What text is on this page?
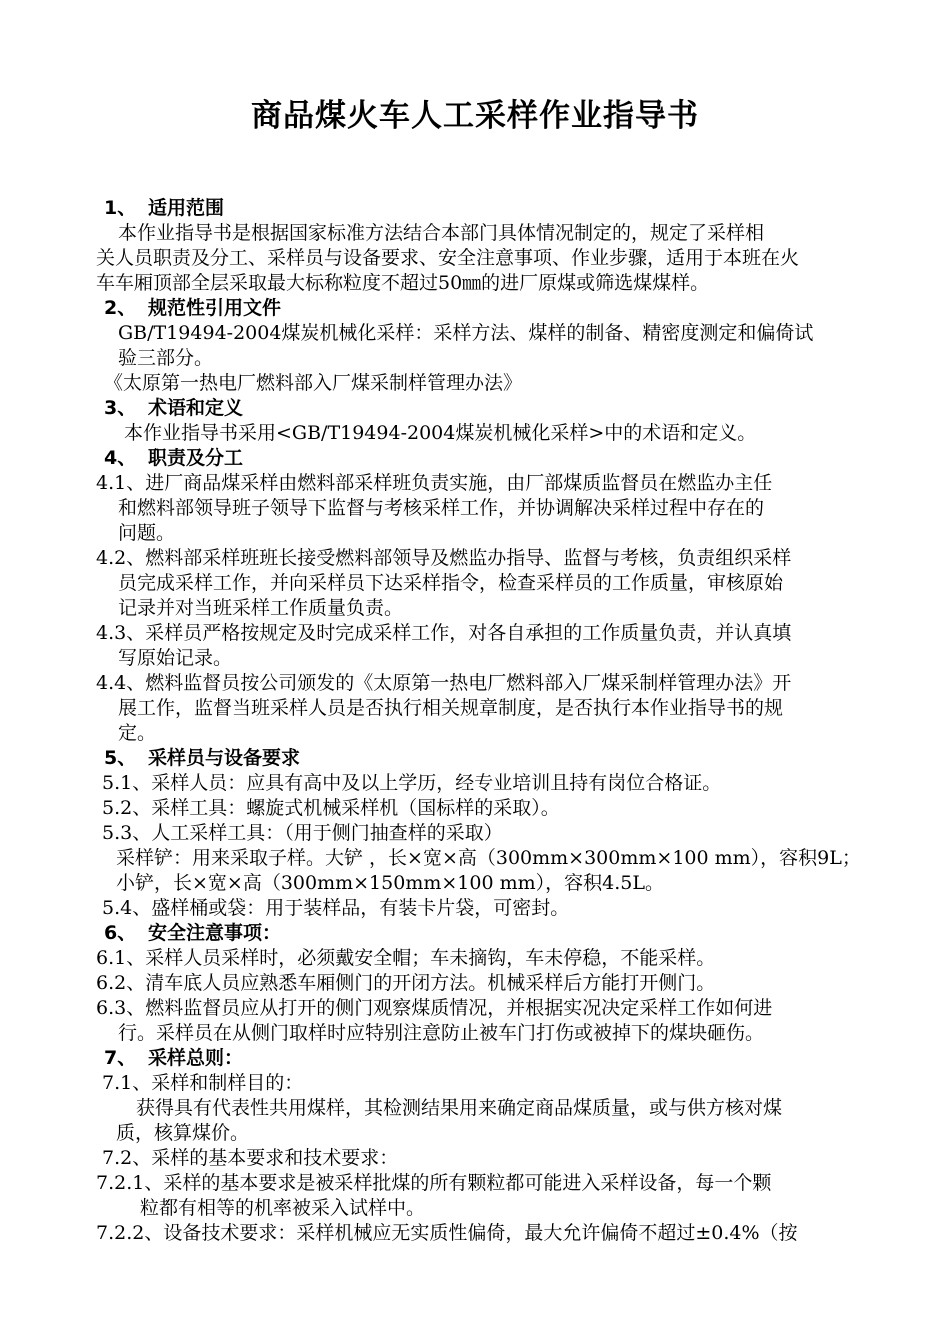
商品煤火车人工采样作业指导书
1、 适用范围
本作业指导书是根据国家标准方法结合本部门具体情况制定的，规定了采样相
关人员职责及分工、采样员与设备要求、安全注意事项、作业步骤，适用于本班在火
车车厢顶部全层采取最大标称粒度不超过50㎜的进厂原煤或筛选煤煤样。
2、 规范性引用文件
GB/T19494-2004煤炭机械化采样：采样方法、煤样的制备、精密度测定和偏倚试
验三部分。
《太原第一热电厂燃料部入厂煤采制样管理办法》
3、 术语和定义
本作业指导书采用<GB/T19494-2004煤炭机械化采样>中的术语和定义。
4、 职责及分工
4.1、进厂商品煤采样由燃料部采样班负责实施，由厂部煤质监督员在燃监办主任
和燃料部领导班子领导下监督与考核采样工作，并协调解决采样过程中存在的
问题。
4.2、燃料部采样班班长接受燃料部领导及燃监办指导、监督与考核，负责组织采样
员完成采样工作，并向采样员下达采样指令，检查采样员的工作质量，审核原始
记录并对当班采样工作质量负责。
4.3、采样员严格按规定及时完成采样工作，对各自承担的工作质量负责，并认真填
写原始记录。
4.4、燃料监督员按公司颁发的《太原第一热电厂燃料部入厂煤采制样管理办法》开
展工作，监督当班采样人员是否执行相关规章制度，是否执行本作业指导书的规
定。
5、 采样员与设备要求
5.1、采样人员：应具有高中及以上学历，经专业培训且持有岗位合格证。
5.2、采样工具：螺旋式机械采样机（国标样的采取）。
5.3、人工采样工具：（用于侧门抽查样的采取）
采样铲：用来采取子样。大铲 ，长×宽×高（300mm×300mm×100 mm），容积9L；
小铲，长×宽×高（300mm×150mm×100 mm），容积4.5L。
5.4、盛样桶或袋：用于装样品，有装卡片袋，可密封。
6、 安全注意事项：
6.1、采样人员采样时，必须戴安全帽；车未摘钩，车未停稳，不能采样。
6.2、清车底人员应熟悉车厢侧门的开闭方法。机械采样后方能打开侧门。
6.3、燃料监督员应从打开的侧门观察煤质情况，并根据实况决定采样工作如何进
行。采样员在从侧门取样时应特别注意防止被车门打伤或被掉下的煤块砸伤。
7、 采样总则：
7.1、采样和制样目的：
获得具有代表性共用煤样，其检测结果用来确定商品煤质量，或与供方核对煤
质，核算煤价。
7.2、采样的基本要求和技术要求：
7.2.1、采样的基本要求是被采样批煤的所有颗粒都可能进入采样设备，每一个颗
粒都有相等的机率被采入试样中。
7.2.2、设备技术要求：采样机械应无实质性偏倚，最大允许偏倚不超过±0.4%（按
